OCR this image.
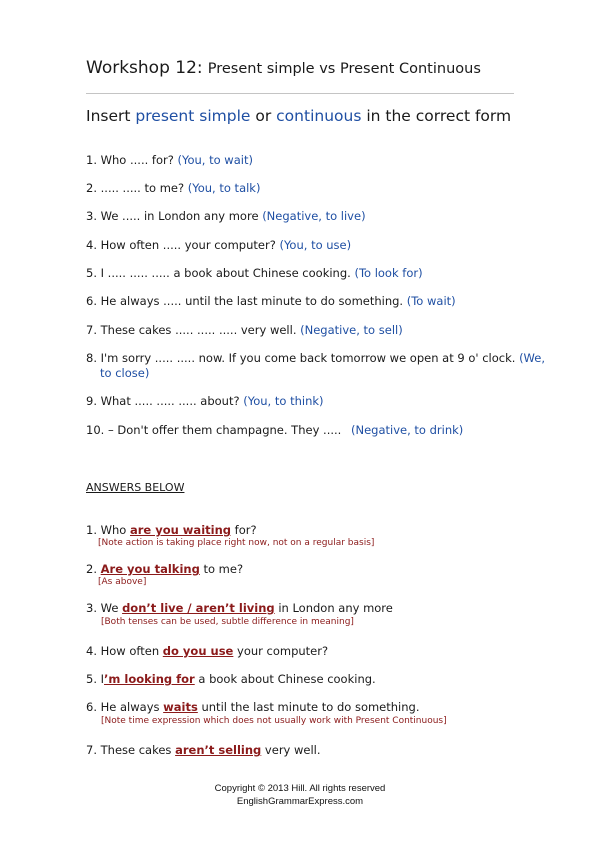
Workshop 12: Present simple vs Present Continuous
Insert present simple or continuous in the correct form
1. Who ..... for? (You, to wait)
2. ..... ..... to me? (You, to talk)
3. We ..... in London any more (Negative, to live)
4. How often ..... your computer? (You, to use)
5. I ..... ..... ..... a book about Chinese cooking. (To look for)
6. He always ..... until the last minute to do something. (To wait)
7. These cakes ..... ..... ..... very well. (Negative, to sell)
8. I'm sorry ..... ..... now. If you come back tomorrow we open at 9 o' clock. (We,
to close)
9. What ..... ..... ..... about? (You, to think)
10. – Don't offer them champagne. They ..... (Negative, to drink)
ANSWERS BELOW
1. Who are you waiting for?
[Note action is taking place right now, not on a regular basis]
2. Are you talking to me?
[As above]
3. We don’t live / aren’t living in London any more
[Both tenses can be used, subtle difference in meaning]
4. How often do you use your computer?
5. I’m looking for a book about Chinese cooking.
6. He always waits until the last minute to do something.
[Note time expression which does not usually work with Present Continuous]
7. These cakes aren’t selling very well.
Copyright © 2013 Hill. All rights reserved
EnglishGrammarExpress.com
